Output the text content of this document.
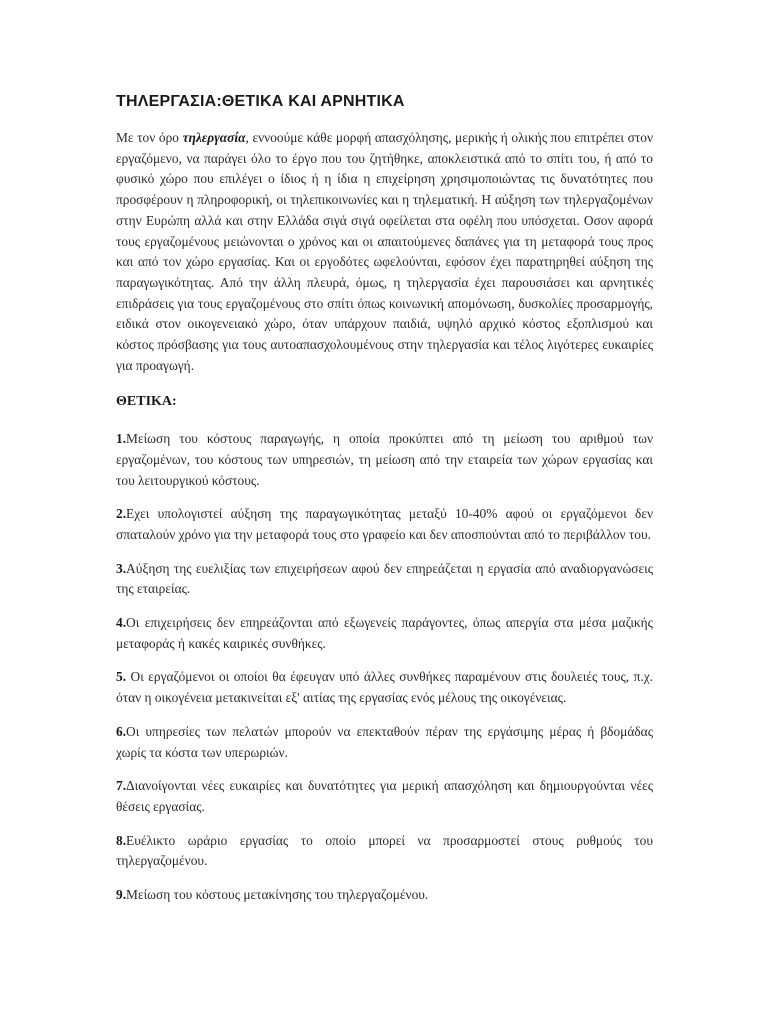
ΤΗΛΕΡΓΑΣΙΑ:ΘΕΤΙΚΑ ΚΑΙ ΑΡΝΗΤΙΚΑ

Με τον όρο τηλεργασία, εννοούμε κάθε μορφή απασχόλησης, μερικής ή ολικής που επιτρέπει στον εργαζόμενο, να παράγει όλο το έργο που του ζητήθηκε, αποκλειστικά από το σπίτι του, ή από το φυσικό χώρο που επιλέγει ο ίδιος ή η ίδια η επιχείρηση χρησιμοποιώντας τις δυνατότητες που προσφέρουν η πληροφορική, οι τηλεπικοινωνίες και η τηλεματική. Η αύξηση των τηλεργαζομένων στην Ευρώπη αλλά και στην Ελλάδα σιγά σιγά οφείλεται στα οφέλη που υπόσχεται. Οσον αφορά τους εργαζομένους μειώνονται ο χρόνος και οι απαιτούμενες δαπάνες για τη μεταφορά τους προς και από τον χώρο εργασίας. Και οι εργοδότες ωφελούνται, εφόσον έχει παρατηρηθεί αύξηση της παραγωγικότητας. Από την άλλη πλευρά, όμως, η τηλεργασία έχει παρουσιάσει και αρνητικές επιδράσεις για τους εργαζομένους στο σπίτι όπως κοινωνική απομόνωση, δυσκολίες προσαρμογής, ειδικά στον οικογενειακό χώρο, όταν υπάρχουν παιδιά, υψηλό αρχικό κόστος εξοπλισμού και κόστος πρόσβασης για τους αυτοαπασχολουμένους στην τηλεργασία και τέλος λιγότερες ευκαιρίες για προαγωγή.

ΘΕΤΙΚΑ:

1.Μείωση του κόστους παραγωγής, η οποία προκύπτει από τη μείωση του αριθμού των εργαζομένων, του κόστους των υπηρεσιών, τη μείωση από την εταιρεία των χώρων εργασίας και του λειτουργικού κόστους.

2.Εχει υπολογιστεί αύξηση της παραγωγικότητας μεταξύ 10-40% αφού οι εργαζόμενοι δεν σπαταλούν χρόνο για την μεταφορά τους στο γραφείο και δεν αποσπούνται από το περιβάλλον του.

3.Αύξηση της ευελιξίας των επιχειρήσεων αφού δεν επηρεάζεται η εργασία από αναδιοργανώσεις της εταιρείας.

4.Οι επιχειρήσεις δεν επηρεάζονται από εξωγενείς παράγοντες, όπως απεργία στα μέσα μαζικής μεταφοράς ή κακές καιρικές συνθήκες.

5. Οι εργαζόμενοι οι οποίοι θα έφευγαν υπό άλλες συνθήκες παραμένουν στις δουλειές τους, π.χ. όταν η οικογένεια μετακινείται εξ' αιτίας της εργασίας ενός μέλους της οικογένειας.

6.Οι υπηρεσίες των πελατών μπορούν να επεκταθούν πέραν της εργάσιμης μέρας ή βδομάδας χωρίς τα κόστα των υπερωριών.

7.Διανοίγονται νέες ευκαιρίες και δυνατότητες για μερική απασχόληση και δημιουργούνται νέες θέσεις εργασίας.

8.Ευέλικτο ωράριο εργασίας το οποίο μπορεί να προσαρμοστεί στους ρυθμούς του τηλεργαζομένου.

9.Μείωση του κόστους μετακίνησης του τηλεργαζομένου.
